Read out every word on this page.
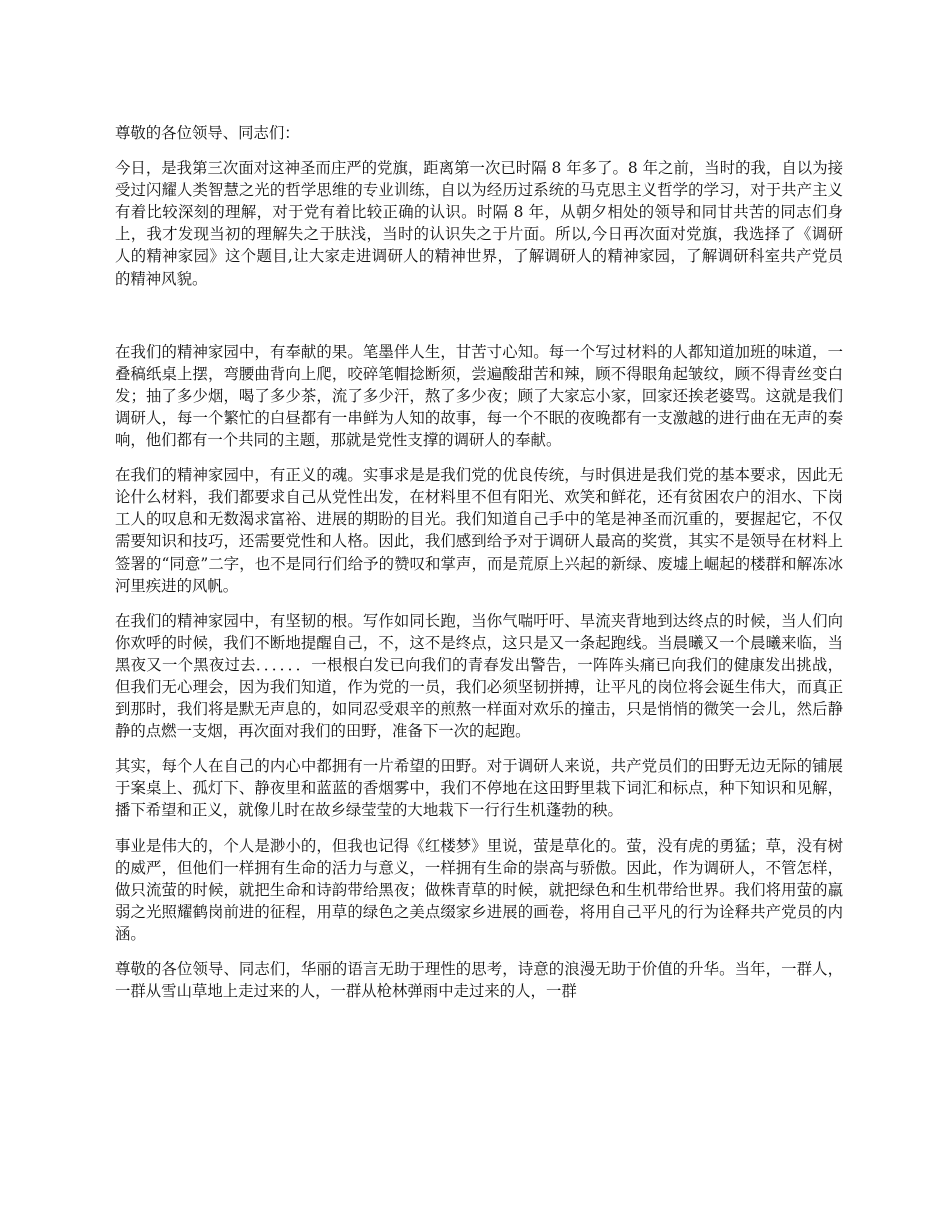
尊敬的各位领导、同志们：

今日，是我第三次面对这神圣而庄严的党旗，距离第一次已时隔 8 年多了。8 年之前，当时的我，自以为接受过闪耀人类智慧之光的哲学思维的专业训练，自以为经历过系统的马克思主义哲学的学习，对于共产主义有着比较深刻的理解，对于党有着比较正确的认识。时隔 8 年，从朝夕相处的领导和同甘共苦的同志们身上，我才发现当初的理解失之于肤浅，当时的认识失之于片面。所以,今日再次面对党旗，我选择了《调研人的精神家园》这个题目,让大家走进调研人的精神世界，了解调研人的精神家园，了解调研科室共产党员的精神风貌。

在我们的精神家园中，有奉献的果。笔墨伴人生，甘苦寸心知。每一个写过材料的人都知道加班的味道，一叠稿纸桌上摆，弯腰曲背向上爬，咬碎笔帽捻断须，尝遍酸甜苦和辣，顾不得眼角起皱纹，顾不得青丝变白发；抽了多少烟，喝了多少茶，流了多少汗，熬了多少夜；顾了大家忘小家，回家还挨老婆骂。这就是我们调研人，每一个繁忙的白昼都有一串鲜为人知的故事，每一个不眠的夜晚都有一支激越的进行曲在无声的奏响，他们都有一个共同的主题，那就是党性支撑的调研人的奉献。

在我们的精神家园中，有正义的魂。实事求是是我们党的优良传统，与时俱进是我们党的基本要求，因此无论什么材料，我们都要求自己从党性出发，在材料里不但有阳光、欢笑和鲜花，还有贫困农户的泪水、下岗工人的叹息和无数渴求富裕、进展的期盼的目光。我们知道自己手中的笔是神圣而沉重的，要握起它，不仅需要知识和技巧，还需要党性和人格。因此，我们感到给予对于调研人最高的奖赏，其实不是领导在材料上签署的“同意”二字，也不是同行们给予的赞叹和掌声，而是荒原上兴起的新绿、废墟上崛起的楼群和解冻冰河里疾进的风帆。

在我们的精神家园中，有坚韧的根。写作如同长跑，当你气喘吁吁、旱流夹背地到达终点的时候，当人们向你欢呼的时候，我们不断地提醒自己，不，这不是终点，这只是又一条起跑线。当晨曦又一个晨曦来临，当黑夜又一个黑夜过去．．．．．．一根根白发已向我们的青春发出警告，一阵阵头痛已向我们的健康发出挑战，但我们无心理会，因为我们知道，作为党的一员，我们必须坚韧拼搏，让平凡的岗位将会诞生伟大，而真正到那时，我们将是默无声息的，如同忍受艰辛的煎熬一样面对欢乐的撞击，只是悄悄的微笑一会儿，然后静静的点燃一支烟，再次面对我们的田野，准备下一次的起跑。

其实，每个人在自己的内心中都拥有一片希望的田野。对于调研人来说，共产党员们的田野无边无际的铺展于案桌上、孤灯下、静夜里和蓝蓝的香烟雾中，我们不停地在这田野里栽下词汇和标点，种下知识和见解，播下希望和正义，就像儿时在故乡绿莹莹的大地栽下一行行生机蓬勃的秧。

事业是伟大的，个人是渺小的，但我也记得《红楼梦》里说，萤是草化的。萤，没有虎的勇猛；草，没有树的威严，但他们一样拥有生命的活力与意义，一样拥有生命的崇高与骄傲。因此，作为调研人，不管怎样，做只流萤的时候，就把生命和诗韵带给黑夜；做株青草的时候，就把绿色和生机带给世界。我们将用萤的羸弱之光照耀鹤岗前进的征程，用草的绿色之美点缀家乡进展的画卷，将用自己平凡的行为诠释共产党员的内涵。

尊敬的各位领导、同志们，华丽的语言无助于理性的思考，诗意的浪漫无助于价值的升华。当年，一群人，一群从雪山草地上走过来的人，一群从枪林弹雨中走过来的人，一群
